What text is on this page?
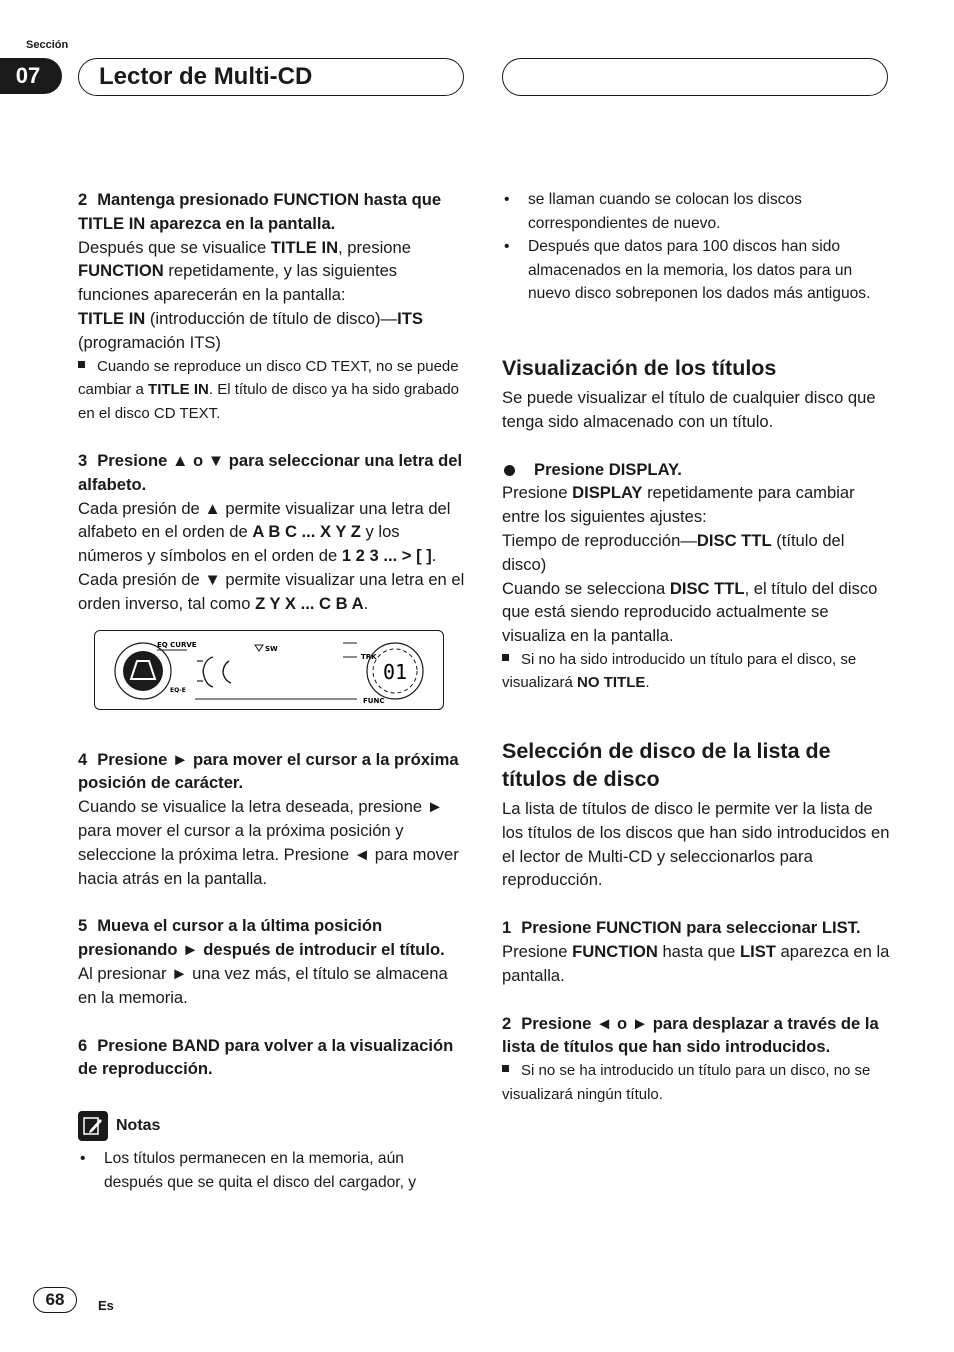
Sección
07	Lector de Multi-CD

2 Mantenga presionado FUNCTION hasta que TITLE IN aparezca en la pantalla.

Después que se visualice TITLE IN, presione FUNCTION repetidamente, y las siguientes funciones aparecerán en la pantalla:

TITLE IN (introducción de título de disco)—ITS (programación ITS)

Cuando se reproduce un disco CD TEXT, no se puede cambiar a TITLE IN. El título de disco ya ha sido grabado en el disco CD TEXT.

3 Presione ▲ o ▼ para seleccionar una letra del alfabeto.

Cada presión de ▲ permite visualizar una letra del alfabeto en el orden de A B C ... X Y Z y los números y símbolos en el orden de 1 2 3 ... > [ ]. Cada presión de ▼ permite visualizar una letra en el orden inverso, tal como Z Y X ... C B A.

EQ CURVE
EQ-E
SW
TRK
FUNC
01

4 Presione ► para mover el cursor a la próxima posición de carácter.

Cuando se visualice la letra deseada, presione ► para mover el cursor a la próxima posición y seleccione la próxima letra. Presione ◄ para mover hacia atrás en la pantalla.

5 Mueva el cursor a la última posición presionando ► después de introducir el título.

Al presionar ► una vez más, el título se almacena en la memoria.

6 Presione BAND para volver a la visualización de reproducción.

Notas

• Los títulos permanecen en la memoria, aún después que se quita el disco del cargador, y

• se llaman cuando se colocan los discos correspondientes de nuevo.

• Después que datos para 100 discos han sido almacenados en la memoria, los datos para un nuevo disco sobreponen los dados más antiguos.

Visualización de los títulos

Se puede visualizar el título de cualquier disco que tenga sido almacenado con un título.

Presione DISPLAY.

Presione DISPLAY repetidamente para cambiar entre los siguientes ajustes:

Tiempo de reproducción—DISC TTL (título del disco)

Cuando se selecciona DISC TTL, el título del disco que está siendo reproducido actualmente se visualiza en la pantalla.

Si no ha sido introducido un título para el disco, se visualizará NO TITLE.

Selección de disco de la lista de títulos de disco

La lista de títulos de disco le permite ver la lista de los títulos de los discos que han sido introducidos en el lector de Multi-CD y seleccionarlos para reproducción.

1 Presione FUNCTION para seleccionar LIST.

Presione FUNCTION hasta que LIST aparezca en la pantalla.

2 Presione ◄ o ► para desplazar a través de la lista de títulos que han sido introducidos.

Si no se ha introducido un título para un disco, no se visualizará ningún título.

68	Es
